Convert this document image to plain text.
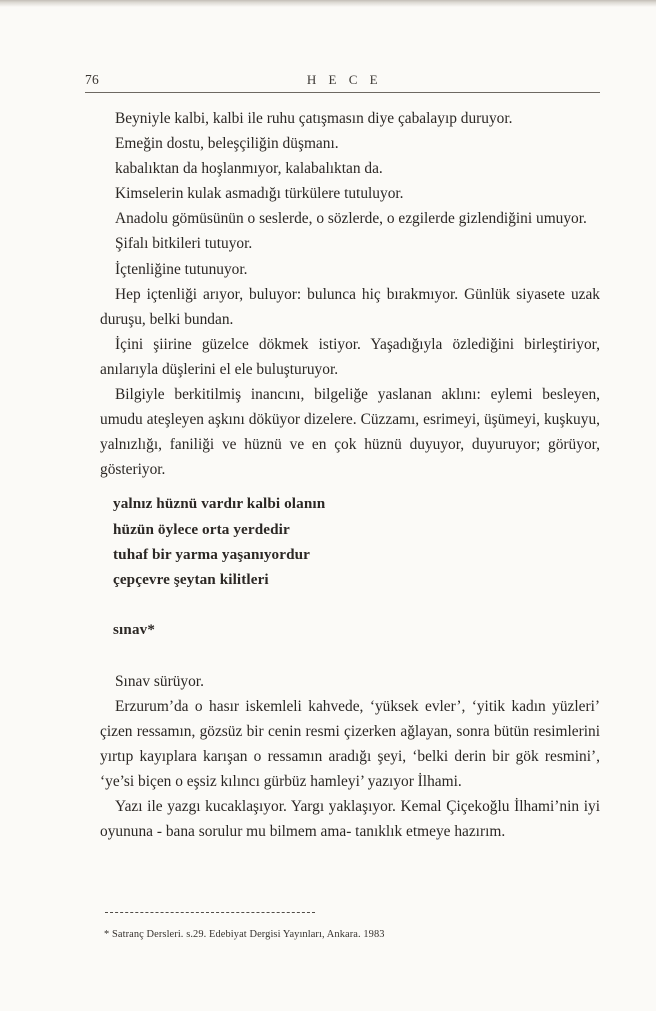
76	H E C E

Beyniyle kalbi, kalbi ile ruhu çatışmasın diye çabalayıp duruyor.

Emeğin dostu, beleşçiliğin düşmanı.

kabalıktan da hoşlanmıyor, kalabalıktan da.

Kimselerin kulak asmadığı türkülere tutuluyor.

Anadolu gömüsünün o seslerde, o sözlerde, o ezgilerde gizlendiğini umuyor.

Şifalı bitkileri tutuyor.

İçtenliğine tutunuyor.

Hep içtenliği arıyor, buluyor: bulunca hiç bırakmıyor. Günlük siyasete uzak duruşu, belki bundan.

İçini şiirine güzelce dökmek istiyor. Yaşadığıyla özlediğini birleştiriyor, anılarıyla düşlerini el ele buluşturuyor.

Bilgiyle berkitilmiş inancını, bilgeliğe yaslanan aklını: eylemi besleyen, umudu ateşleyen aşkını döküyor dizelere. Cüzzamı, esrimeyi, üşümeyi, kuşkuyu, yalnızlığı, faniliği ve hüznü ve en çok hüznü duyuyor, duyuruyor; görüyor, gösteriyor.

yalnız hüznü vardır kalbi olanın
hüzün öylece orta yerdedir
tuhaf bir yarma yaşanıyordur
çepçevre şeytan kilitleri
sınav*

Sınav sürüyor.

Erzurum’da o hasır iskemleli kahvede, ‘yüksek evler’, ‘yitik kadın yüzleri’ çizen ressamın, gözsüz bir cenin resmi çizerken ağlayan, sonra bütün resimlerini yırtıp kayıplara karışan o ressamın aradığı şeyi, ‘belki derin bir gök resmini’, ‘ye’si biçen o eşsiz kılıncı gürbüz hamleyi’ yazıyor İlhami.

Yazı ile yazgı kucaklaşıyor. Yargı yaklaşıyor. Kemal Çiçekoğlu İlhami’nin iyi oyununa - bana sorulur mu bilmem ama- tanıklık etmeye hazırım.

* Satranç Dersleri. s.29. Edebiyat Dergisi Yayınları, Ankara. 1983
